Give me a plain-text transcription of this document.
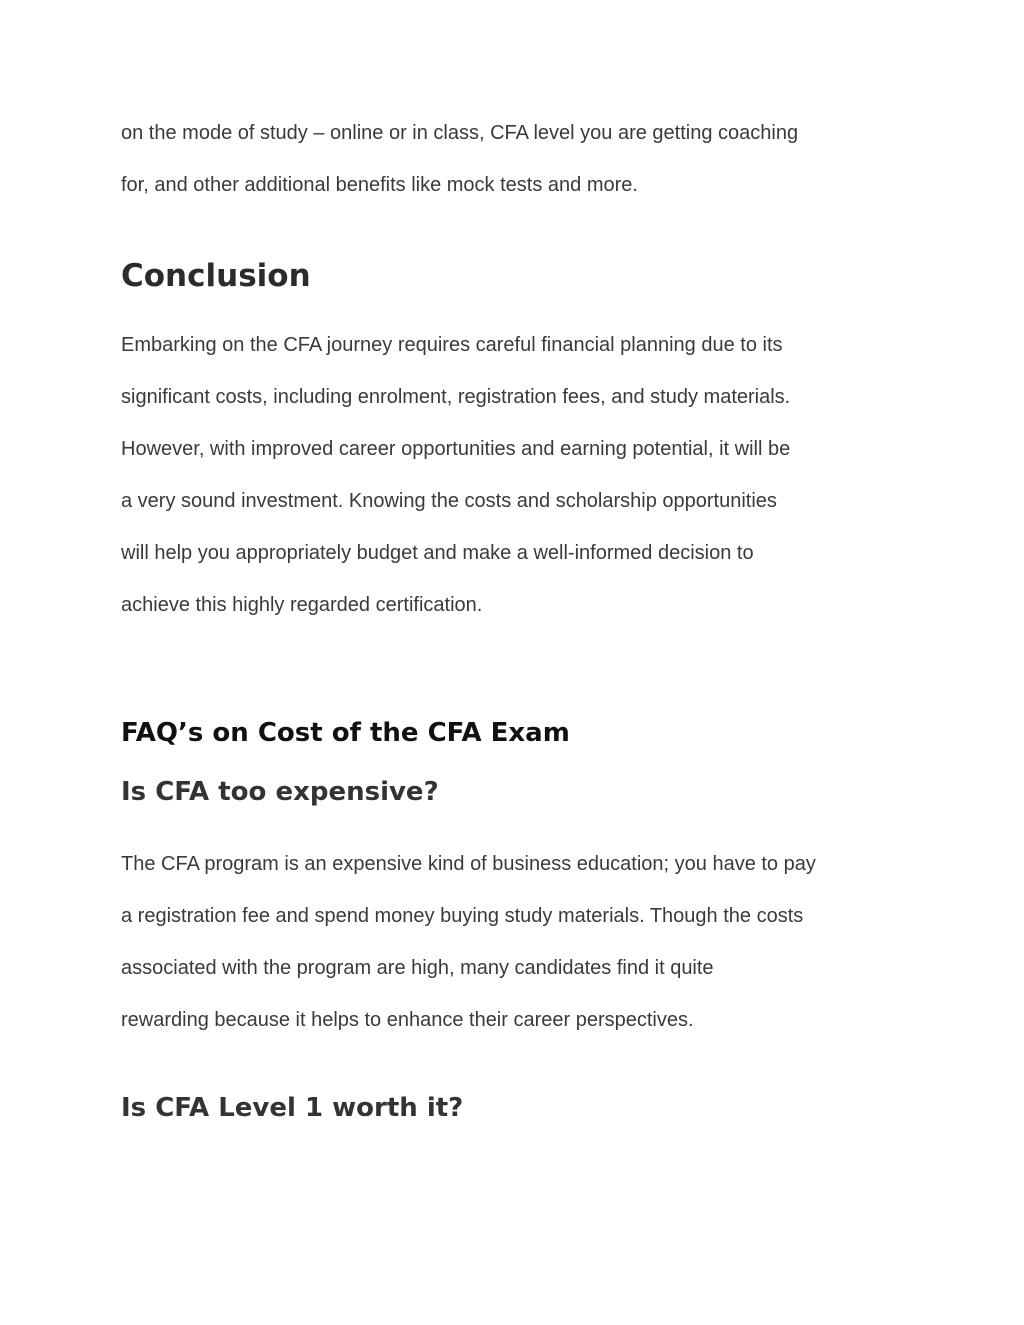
on the mode of study – online or in class, CFA level you are getting coaching
for, and other additional benefits like mock tests and more.

Conclusion

Embarking on the CFA journey requires careful financial planning due to its
significant costs, including enrolment, registration fees, and study materials.
However, with improved career opportunities and earning potential, it will be
a very sound investment. Knowing the costs and scholarship opportunities
will help you appropriately budget and make a well-informed decision to
achieve this highly regarded certification.

FAQ’s on Cost of the CFA Exam
Is CFA too expensive?

The CFA program is an expensive kind of business education; you have to pay
a registration fee and spend money buying study materials. Though the costs
associated with the program are high, many candidates find it quite
rewarding because it helps to enhance their career perspectives.

Is CFA Level 1 worth it?
